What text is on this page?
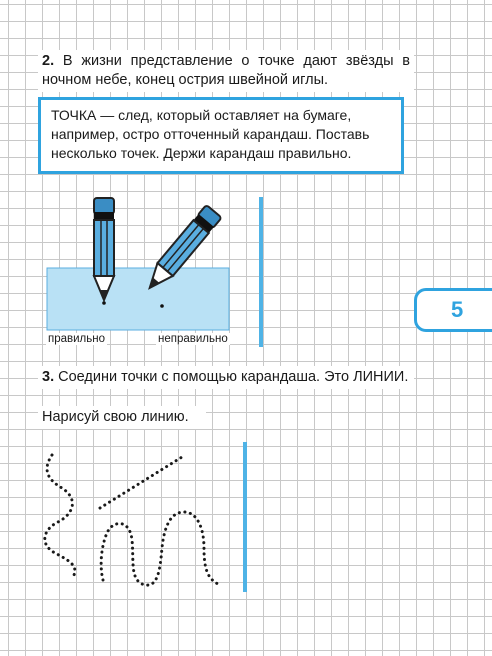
2. В жизни представление о точке дают звёзды в ночном небе, конец острия швейной иглы.
ТОЧКА — след, который оставляет на бумаге, например, остро отточенный карандаш. Поставь несколько точек. Держи карандаш правильно.
правильно	неправильно
5
3. Соедини точки с помощью карандаша. Это ЛИНИИ.
Нарисуй свою линию.
